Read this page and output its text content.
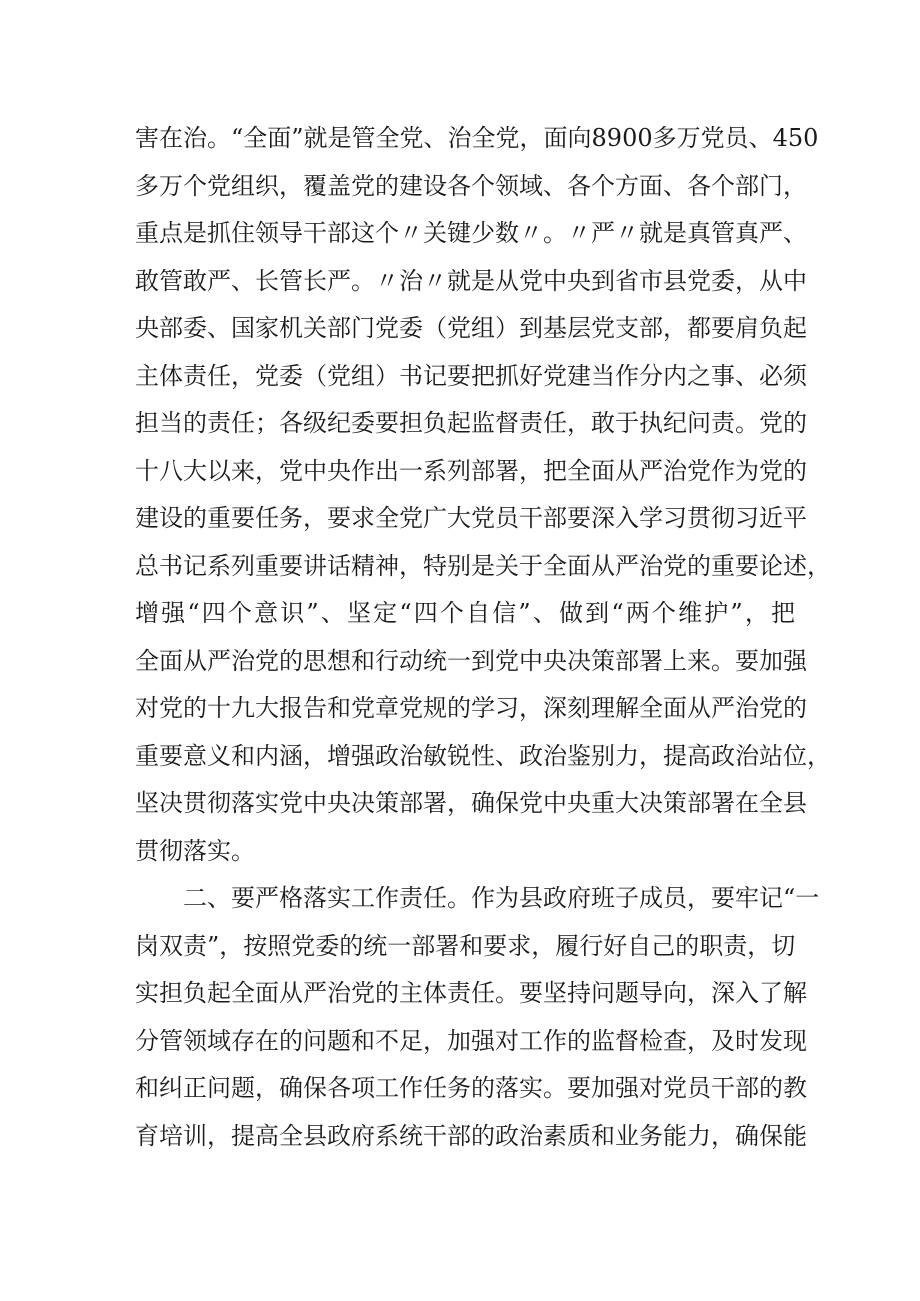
害在治。“全面”就是管全党、治全党，面向8900多万党员、450
多万个党组织，覆盖党的建设各个领域、各个方面、各个部门，
重点是抓住领导干部这个〃关键少数〃。〃严〃就是真管真严、
敢管敢严、长管长严。〃治〃就是从党中央到省市县党委，从中
央部委、国家机关部门党委（党组）到基层党支部，都要肩负起
主体责任，党委（党组）书记要把抓好党建当作分内之事、必须
担当的责任；各级纪委要担负起监督责任，敢于执纪问责。党的
十八大以来，党中央作出一系列部署，把全面从严治党作为党的
建设的重要任务，要求全党广大党员干部要深入学习贯彻习近平
总书记系列重要讲话精神，特别是关于全面从严治党的重要论述，
增强“四个意识”、坚定“四个自信”、做到“两个维护”，把
全面从严治党的思想和行动统一到党中央决策部署上来。要加强
对党的十九大报告和党章党规的学习，深刻理解全面从严治党的
重要意义和内涵，增强政治敏锐性、政治鉴别力，提高政治站位，
坚决贯彻落实党中央决策部署，确保党中央重大决策部署在全县
贯彻落实。
二、要严格落实工作责任。作为县政府班子成员，要牢记“一
岗双责”，按照党委的统一部署和要求，履行好自己的职责，切
实担负起全面从严治党的主体责任。要坚持问题导向，深入了解
分管领域存在的问题和不足，加强对工作的监督检查，及时发现
和纠正问题，确保各项工作任务的落实。要加强对党员干部的教
育培训，提高全县政府系统干部的政治素质和业务能力，确保能
